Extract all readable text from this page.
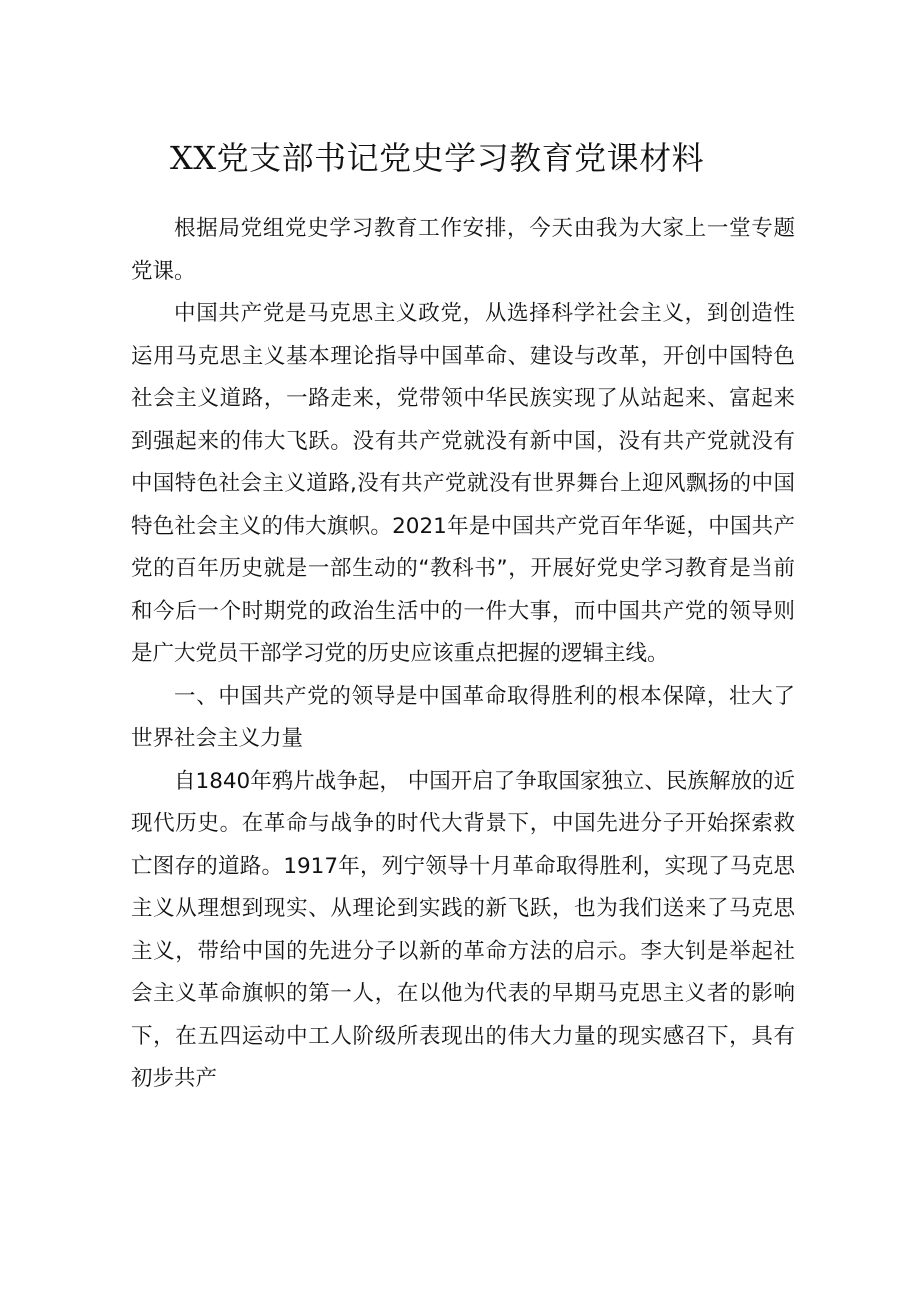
XX党支部书记党史学习教育党课材料

根据局党组党史学习教育工作安排，今天由我为大家上一堂专题党课。

中国共产党是马克思主义政党，从选择科学社会主义，到创造性运用马克思主义基本理论指导中国革命、建设与改革，开创中国特色社会主义道路，一路走来，党带领中华民族实现了从站起来、富起来到强起来的伟大飞跃。没有共产党就没有新中国，没有共产党就没有中国特色社会主义道路,没有共产党就没有世界舞台上迎风飘扬的中国特色社会主义的伟大旗帜。2021年是中国共产党百年华诞，中国共产党的百年历史就是一部生动的“教科书”，开展好党史学习教育是当前和今后一个时期党的政治生活中的一件大事，而中国共产党的领导则是广大党员干部学习党的历史应该重点把握的逻辑主线。

一、中国共产党的领导是中国革命取得胜利的根本保障，壮大了世界社会主义力量

自1840年鸦片战争起， 中国开启了争取国家独立、民族解放的近现代历史。在革命与战争的时代大背景下，中国先进分子开始探索救亡图存的道路。1917年，列宁领导十月革命取得胜利，实现了马克思主义从理想到现实、从理论到实践的新飞跃，也为我们送来了马克思主义，带给中国的先进分子以新的革命方法的启示。李大钊是举起社会主义革命旗帜的第一人，在以他为代表的早期马克思主义者的影响下，在五四运动中工人阶级所表现出的伟大力量的现实感召下，具有初步共产
